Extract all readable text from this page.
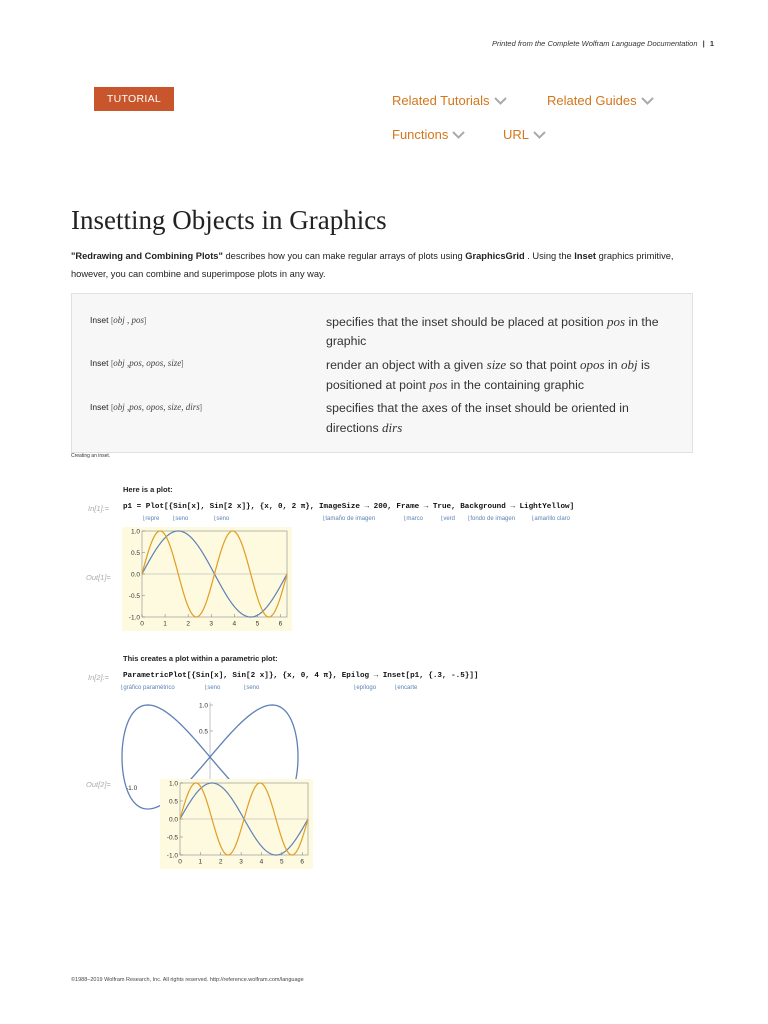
Printed from the Complete Wolfram Language Documentation | 1
TUTORIAL	Related Tutorials	Related Guides
Functions	URL
Insetting Objects in Graphics
"Redrawing and Combining Plots" describes how you can make regular arrays of plots using GraphicsGrid . Using the Inset graphics primitive, however, you can combine and superimpose plots in any way.
Inset [obj , pos]	specifies that the inset should be placed at position pos in the graphic
Inset [obj ,pos, opos, size]	render an object with a given size so that point opos in obj is positioned at point pos in the containing graphic
Inset [obj ,pos, opos, size, dirs]	specifies that the axes of the inset should be oriented in directions dirs
Creating an inset.
Here is a plot:
In[1]:= p1 = Plot[{Sin[x], Sin[2 x]}, {x, 0, 2 π}, ImageSize → 200, Frame → True, Background → LightYellow]
⌊ repre	⌊ seno	⌊ seno	⌊ tamaño de imagen	⌊ marco	⌊ verd	⌊ fondo de imagen	⌊ amarillo claro
Out[1]=
1.0
0.5
0.0
-0.5
-1.0
0	1	2	3	4	5	6
This creates a plot within a parametric plot:
In[2]:= ParametricPlot[{Sin[x], Sin[2 x]}, {x, 0, 4 π}, Epilog → Inset[p1, {.3, -.5}]]
⌊ gráfico paramétrico	⌊ seno	⌊ seno	⌊ epílogo	⌊ encarte
Out[2]=
1.0
0.5
-1.0
1.0
0.5
0.0
-0.5
-1.0
0	1	2	3	4	5	6
©1988–2019 Wolfram Research, Inc. All rights reserved. http://reference.wolfram.com/language
